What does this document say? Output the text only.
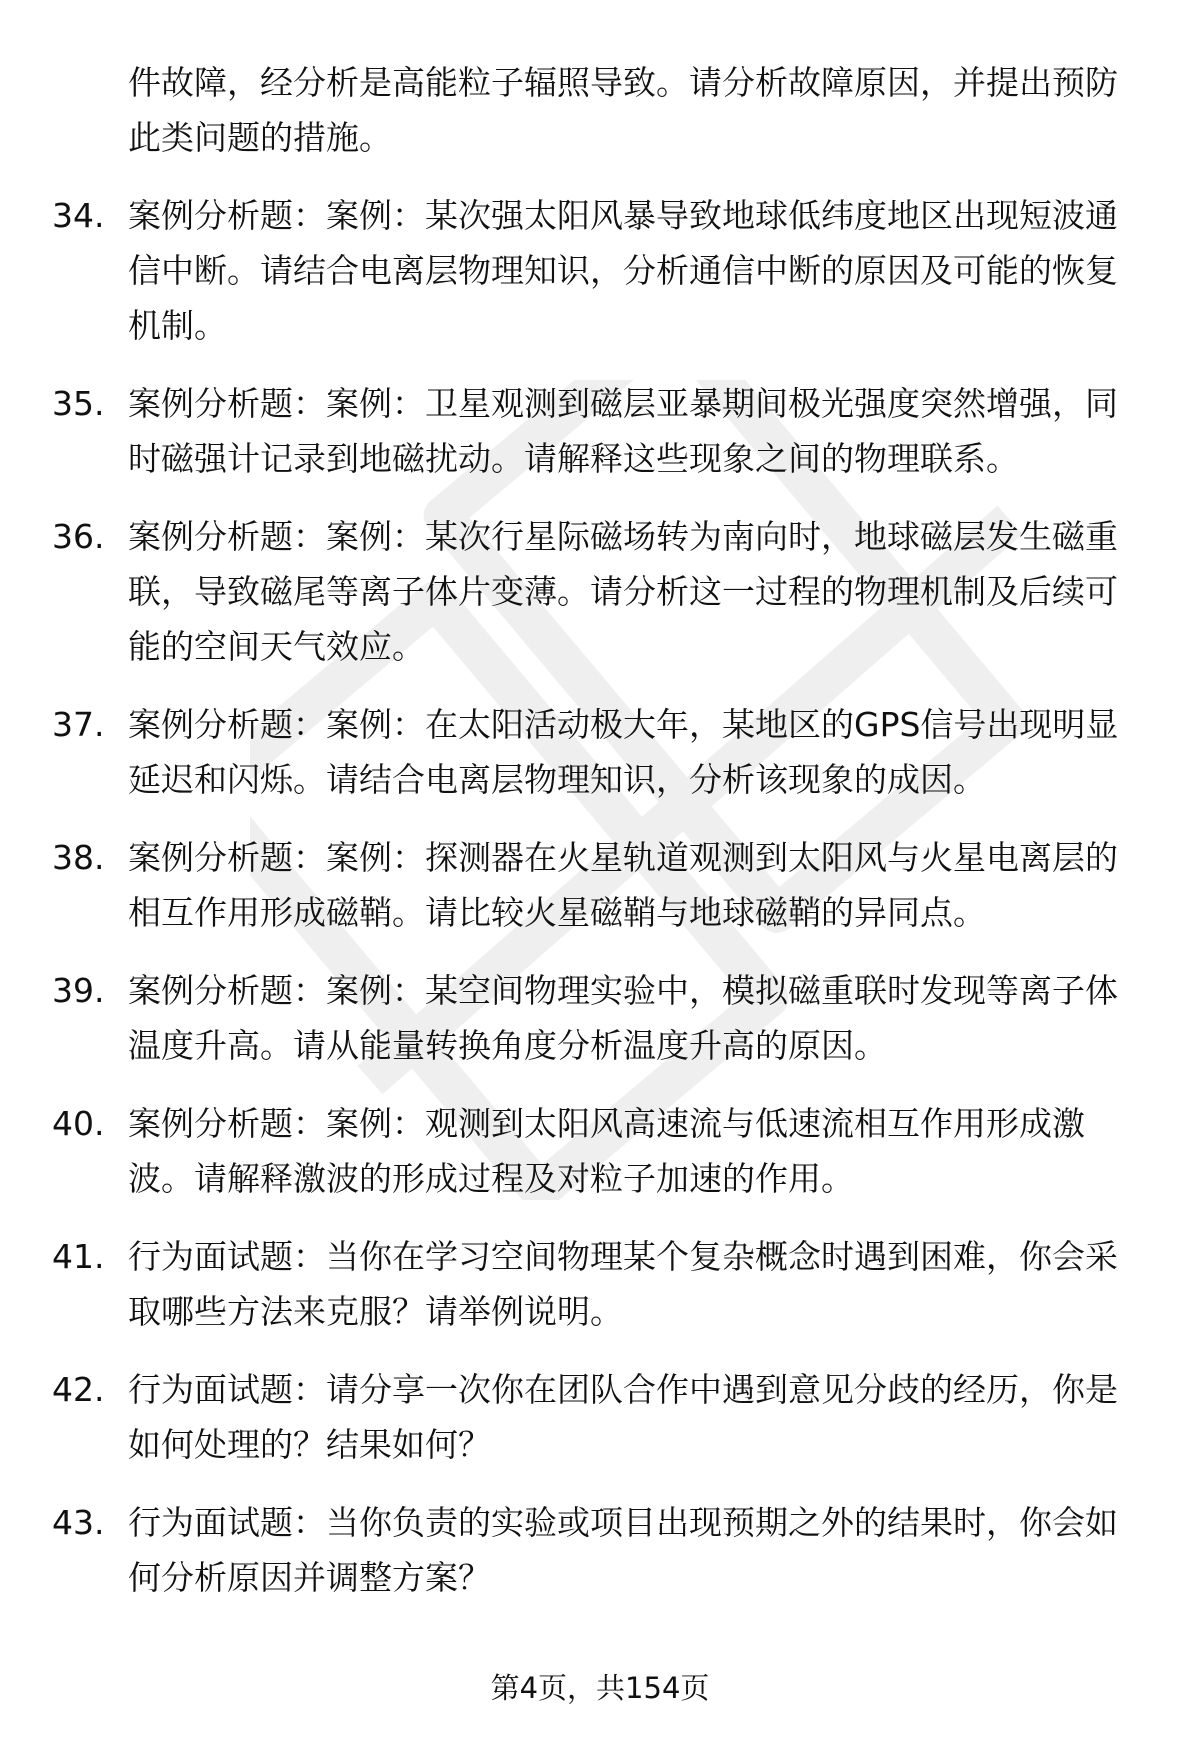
件故障，经分析是高能粒子辐照导致。请分析故障原因，并提出预防此类问题的措施。
34. 案例分析题：案例：某次强太阳风暴导致地球低纬度地区出现短波通信中断。请结合电离层物理知识，分析通信中断的原因及可能的恢复机制。
35. 案例分析题：案例：卫星观测到磁层亚暴期间极光强度突然增强，同时磁强计记录到地磁扰动。请解释这些现象之间的物理联系。
36. 案例分析题：案例：某次行星际磁场转为南向时，地球磁层发生磁重联，导致磁尾等离子体片变薄。请分析这一过程的物理机制及后续可能的空间天气效应。
37. 案例分析题：案例：在太阳活动极大年，某地区的GPS信号出现明显延迟和闪烁。请结合电离层物理知识，分析该现象的成因。
38. 案例分析题：案例：探测器在火星轨道观测到太阳风与火星电离层的相互作用形成磁鞘。请比较火星磁鞘与地球磁鞘的异同点。
39. 案例分析题：案例：某空间物理实验中，模拟磁重联时发现等离子体温度升高。请从能量转换角度分析温度升高的原因。
40. 案例分析题：案例：观测到太阳风高速流与低速流相互作用形成激波。请解释激波的形成过程及对粒子加速的作用。
41. 行为面试题：当你在学习空间物理某个复杂概念时遇到困难，你会采取哪些方法来克服？请举例说明。
42. 行为面试题：请分享一次你在团队合作中遇到意见分歧的经历，你是如何处理的？结果如何？
43. 行为面试题：当你负责的实验或项目出现预期之外的结果时，你会如何分析原因并调整方案？
第4页，共154页
